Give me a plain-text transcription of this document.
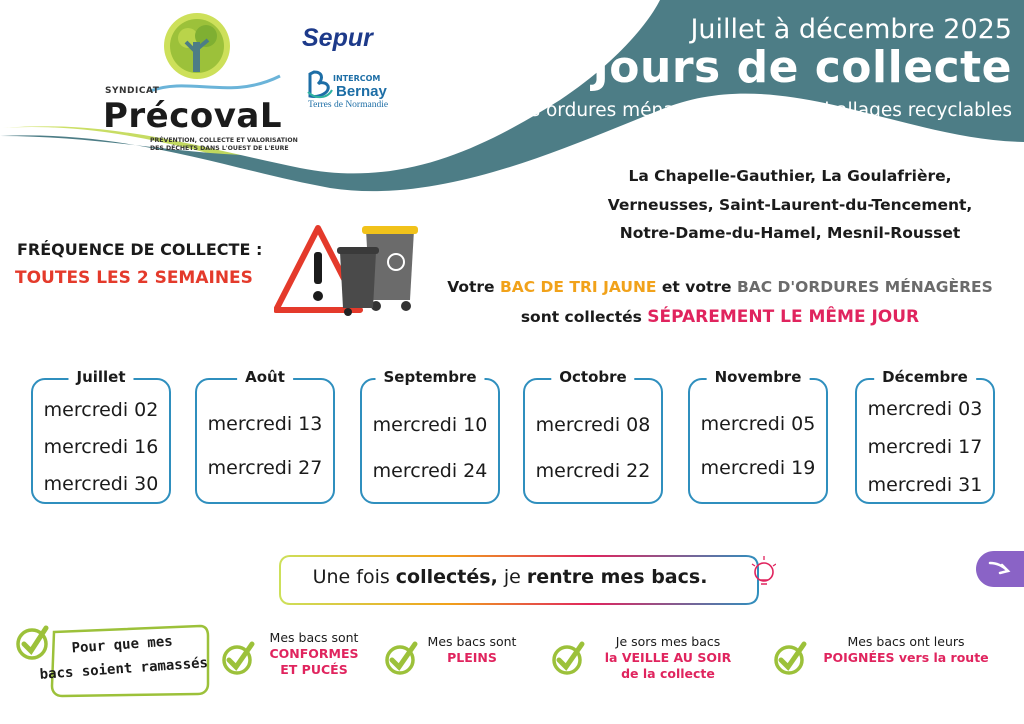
Juillet à décembre 2025
Jours de collecte
des ordures ménagères et des emballages recyclables
SYNDICAT
PrécovaL
PRÉVENTION, COLLECTE ET VALORISATION DES DÉCHETS DANS L'OUEST DE L'EURE
Sepur
INTERCOM
Bernay
Terres de Normandie
La Chapelle-Gauthier, La Goulafrière,
Verneusses, Saint-Laurent-du-Tencement,
Notre-Dame-du-Hamel, Mesnil-Rousset
FRÉQUENCE DE COLLECTE :
TOUTES LES 2 SEMAINES	Votre BAC DE TRI JAUNE et votre BAC D'ORDURES MÉNAGÈRES
sont collectés SÉPAREMENT LE MÊME JOUR
Juillet
mercredi 02
mercredi 16
mercredi 30
Août
mercredi 13
mercredi 27
Septembre
mercredi 10
mercredi 24
Octobre
mercredi 08
mercredi 22
Novembre
mercredi 05
mercredi 19
Décembre
mercredi 03
mercredi 17
mercredi 31
Une fois collectés, je rentre mes bacs.
Pour que mes
bacs soient ramassés
Mes bacs sont
CONFORMES
ET PUCÉS
Mes bacs sont
PLEINS
Je sors mes bacs
la VEILLE AU SOIR
de la collecte
Mes bacs ont leurs
POIGNÉES vers la route
